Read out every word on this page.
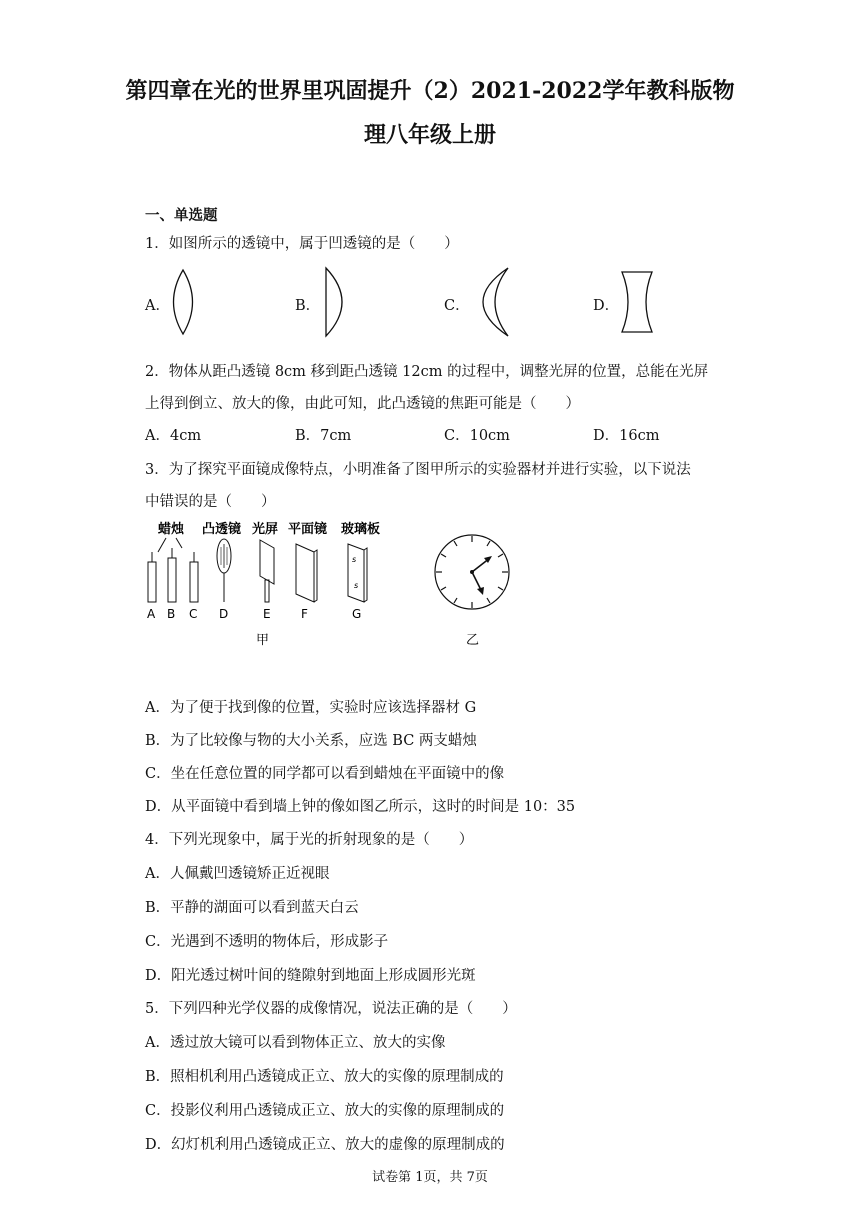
第四章在光的世界里巩固提升（2）2021-2022学年教科版物
理八年级上册
一、单选题
1．如图所示的透镜中，属于凹透镜的是（　　）
A．	B．	C．	D．
2．物体从距凸透镜 8cm 移到距凸透镜 12cm 的过程中，调整光屏的位置，总能在光屏
上得到倒立、放大的像，由此可知，此凸透镜的焦距可能是（　　）
A．4cm	B．7cm	C．10cm	D．16cm
3．为了探究平面镜成像特点，小明准备了图甲所示的实验器材并进行实验，以下说法
中错误的是（　　）
蜡烛 凸透镜 光屏 平面镜 玻璃板
s
s
A B C D	E	F	G
甲	乙
A．为了便于找到像的位置，实验时应该选择器材 G
B．为了比较像与物的大小关系，应选 BC 两支蜡烛
C．坐在任意位置的同学都可以看到蜡烛在平面镜中的像
D．从平面镜中看到墙上钟的像如图乙所示，这时的时间是 10：35
4．下列光现象中，属于光的折射现象的是（　　）
A．人佩戴凹透镜矫正近视眼
B．平静的湖面可以看到蓝天白云
C．光遇到不透明的物体后，形成影子
D．阳光透过树叶间的缝隙射到地面上形成圆形光斑
5．下列四种光学仪器的成像情况，说法正确的是（　　）
A．透过放大镜可以看到物体正立、放大的实像
B．照相机利用凸透镜成正立、放大的实像的原理制成的
C．投影仪利用凸透镜成正立、放大的实像的原理制成的
D．幻灯机利用凸透镜成正立、放大的虚像的原理制成的
试卷第 1页，共 7页
